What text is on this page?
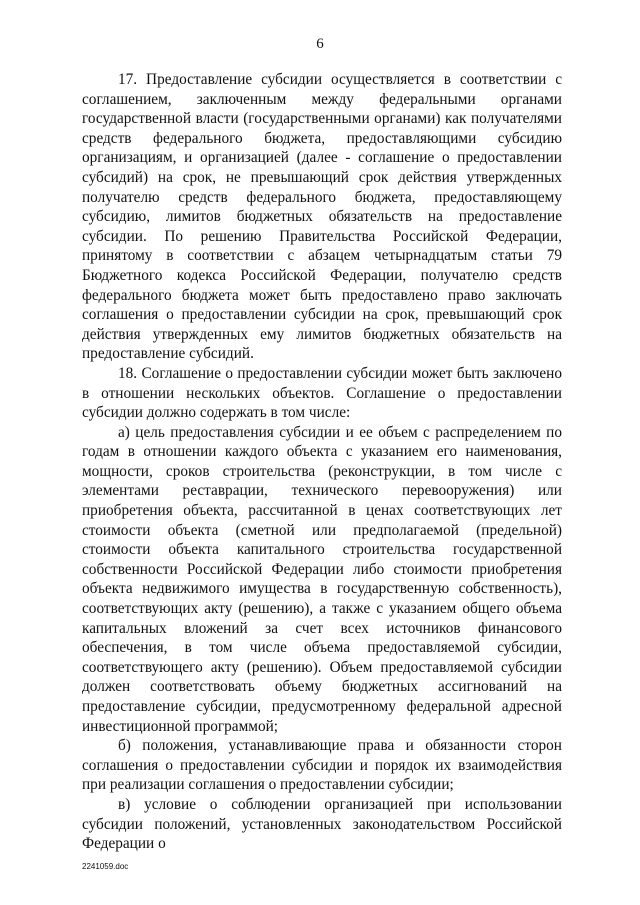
6

17. Предоставление субсидии осуществляется в соответствии с соглашением, заключенным между федеральными органами государственной власти (государственными органами) как получателями средств федерального бюджета, предоставляющими субсидию организациям, и организацией (далее - соглашение о предоставлении субсидий) на срок, не превышающий срок действия утвержденных получателю средств федерального бюджета, предоставляющему субсидию, лимитов бюджетных обязательств на предоставление субсидии. По решению Правительства Российской Федерации, принятому в соответствии с абзацем четырнадцатым статьи 79 Бюджетного кодекса Российской Федерации, получателю средств федерального бюджета может быть предоставлено право заключать соглашения о предоставлении субсидии на срок, превышающий срок действия утвержденных ему лимитов бюджетных обязательств на предоставление субсидий.

18. Соглашение о предоставлении субсидии может быть заключено в отношении нескольких объектов. Соглашение о предоставлении субсидии должно содержать в том числе:

а) цель предоставления субсидии и ее объем с распределением по годам в отношении каждого объекта с указанием его наименования, мощности, сроков строительства (реконструкции, в том числе с элементами реставрации, технического перевооружения) или приобретения объекта, рассчитанной в ценах соответствующих лет стоимости объекта (сметной или предполагаемой (предельной) стоимости объекта капитального строительства государственной собственности Российской Федерации либо стоимости приобретения объекта недвижимого имущества в государственную собственность), соответствующих акту (решению), а также с указанием общего объема капитальных вложений за счет всех источников финансового обеспечения, в том числе объема предоставляемой субсидии, соответствующего акту (решению). Объем предоставляемой субсидии должен соответствовать объему бюджетных ассигнований на предоставление субсидии, предусмотренному федеральной адресной инвестиционной программой;

б) положения, устанавливающие права и обязанности сторон соглашения о предоставлении субсидии и порядок их взаимодействия при реализации соглашения о предоставлении субсидии;

в) условие о соблюдении организацией при использовании субсидии положений, установленных законодательством Российской Федерации о

2241059.doc
